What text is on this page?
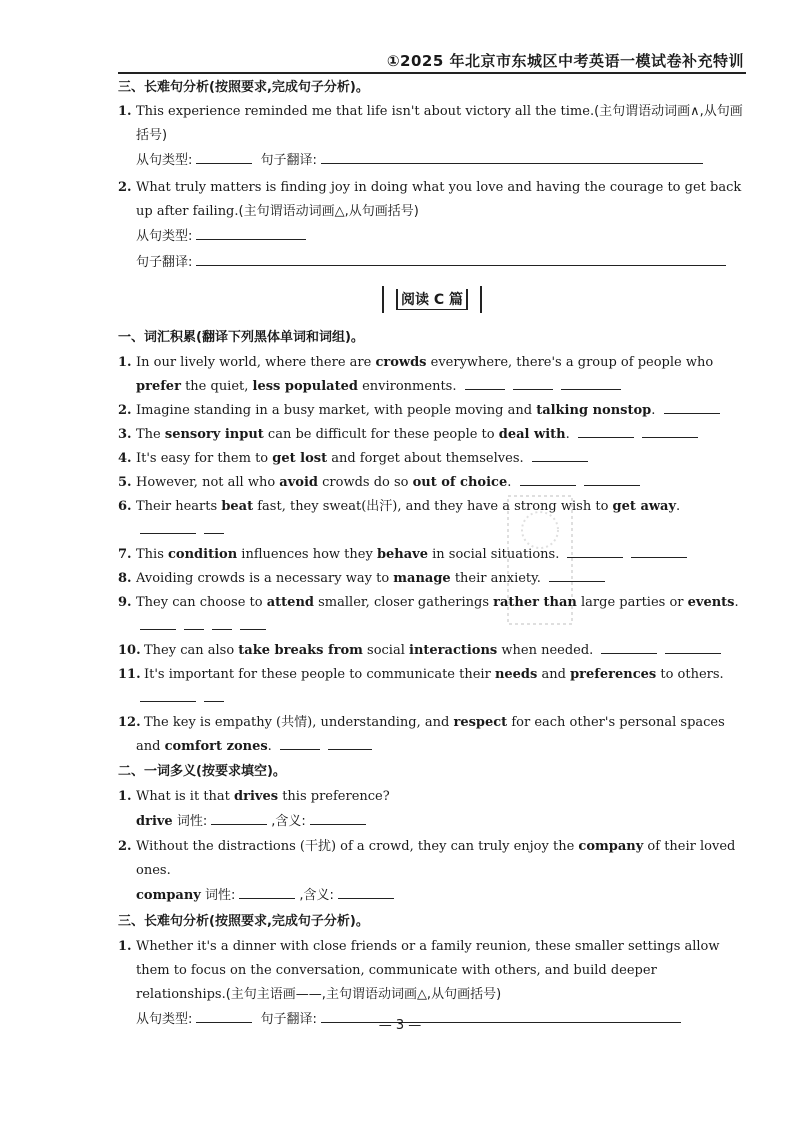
①2025 年北京市东城区中考英语一模试卷补充特训

三、长难句分析(按照要求,完成句子分析)。

1. This experience reminded me that life isn't about victory all the time.(主句谓语动词画∧,从句画括号)
从句类型:	句子翻译:
2. What truly matters is finding joy in doing what you love and having the courage to get back up after failing.(主句谓语动词画△,从句画括号)
从句类型:
句子翻译:
阅读 C 篇

一、词汇积累(翻译下列黑体单词和词组)。

1. In our lively world, where there are crowds everywhere, there's a group of people who prefer the quiet, less populated environments.
2. Imagine standing in a busy market, with people moving and talking nonstop.
3. The sensory input can be difficult for these people to deal with.
4. It's easy for them to get lost and forget about themselves.
5. However, not all who avoid crowds do so out of choice.
6. Their hearts beat fast, they sweat(出汗), and they have a strong wish to get away.
7. This condition influences how they behave in social situations.
8. Avoiding crowds is a necessary way to manage their anxiety.
9. They can choose to attend smaller, closer gatherings rather than large parties or events.
10. They can also take breaks from social interactions when needed.
11. It's important for these people to communicate their needs and preferences to others.
12. The key is empathy (共情), understanding, and respect for each other's personal spaces and comfort zones.

二、一词多义(按要求填空)。

1. What is it that drives this preference?
drive 词性:	,含义:
2. Without the distractions (干扰) of a crowd, they can truly enjoy the company of their loved ones.
company 词性:	,含义:

三、长难句分析(按照要求,完成句子分析)。

1. Whether it's a dinner with close friends or a family reunion, these smaller settings allow them to focus on the conversation, communicate with others, and build deeper relationships.(主句主语画——,主句谓语动词画△,从句画括号)
从句类型:	句子翻译:	— 3 —
